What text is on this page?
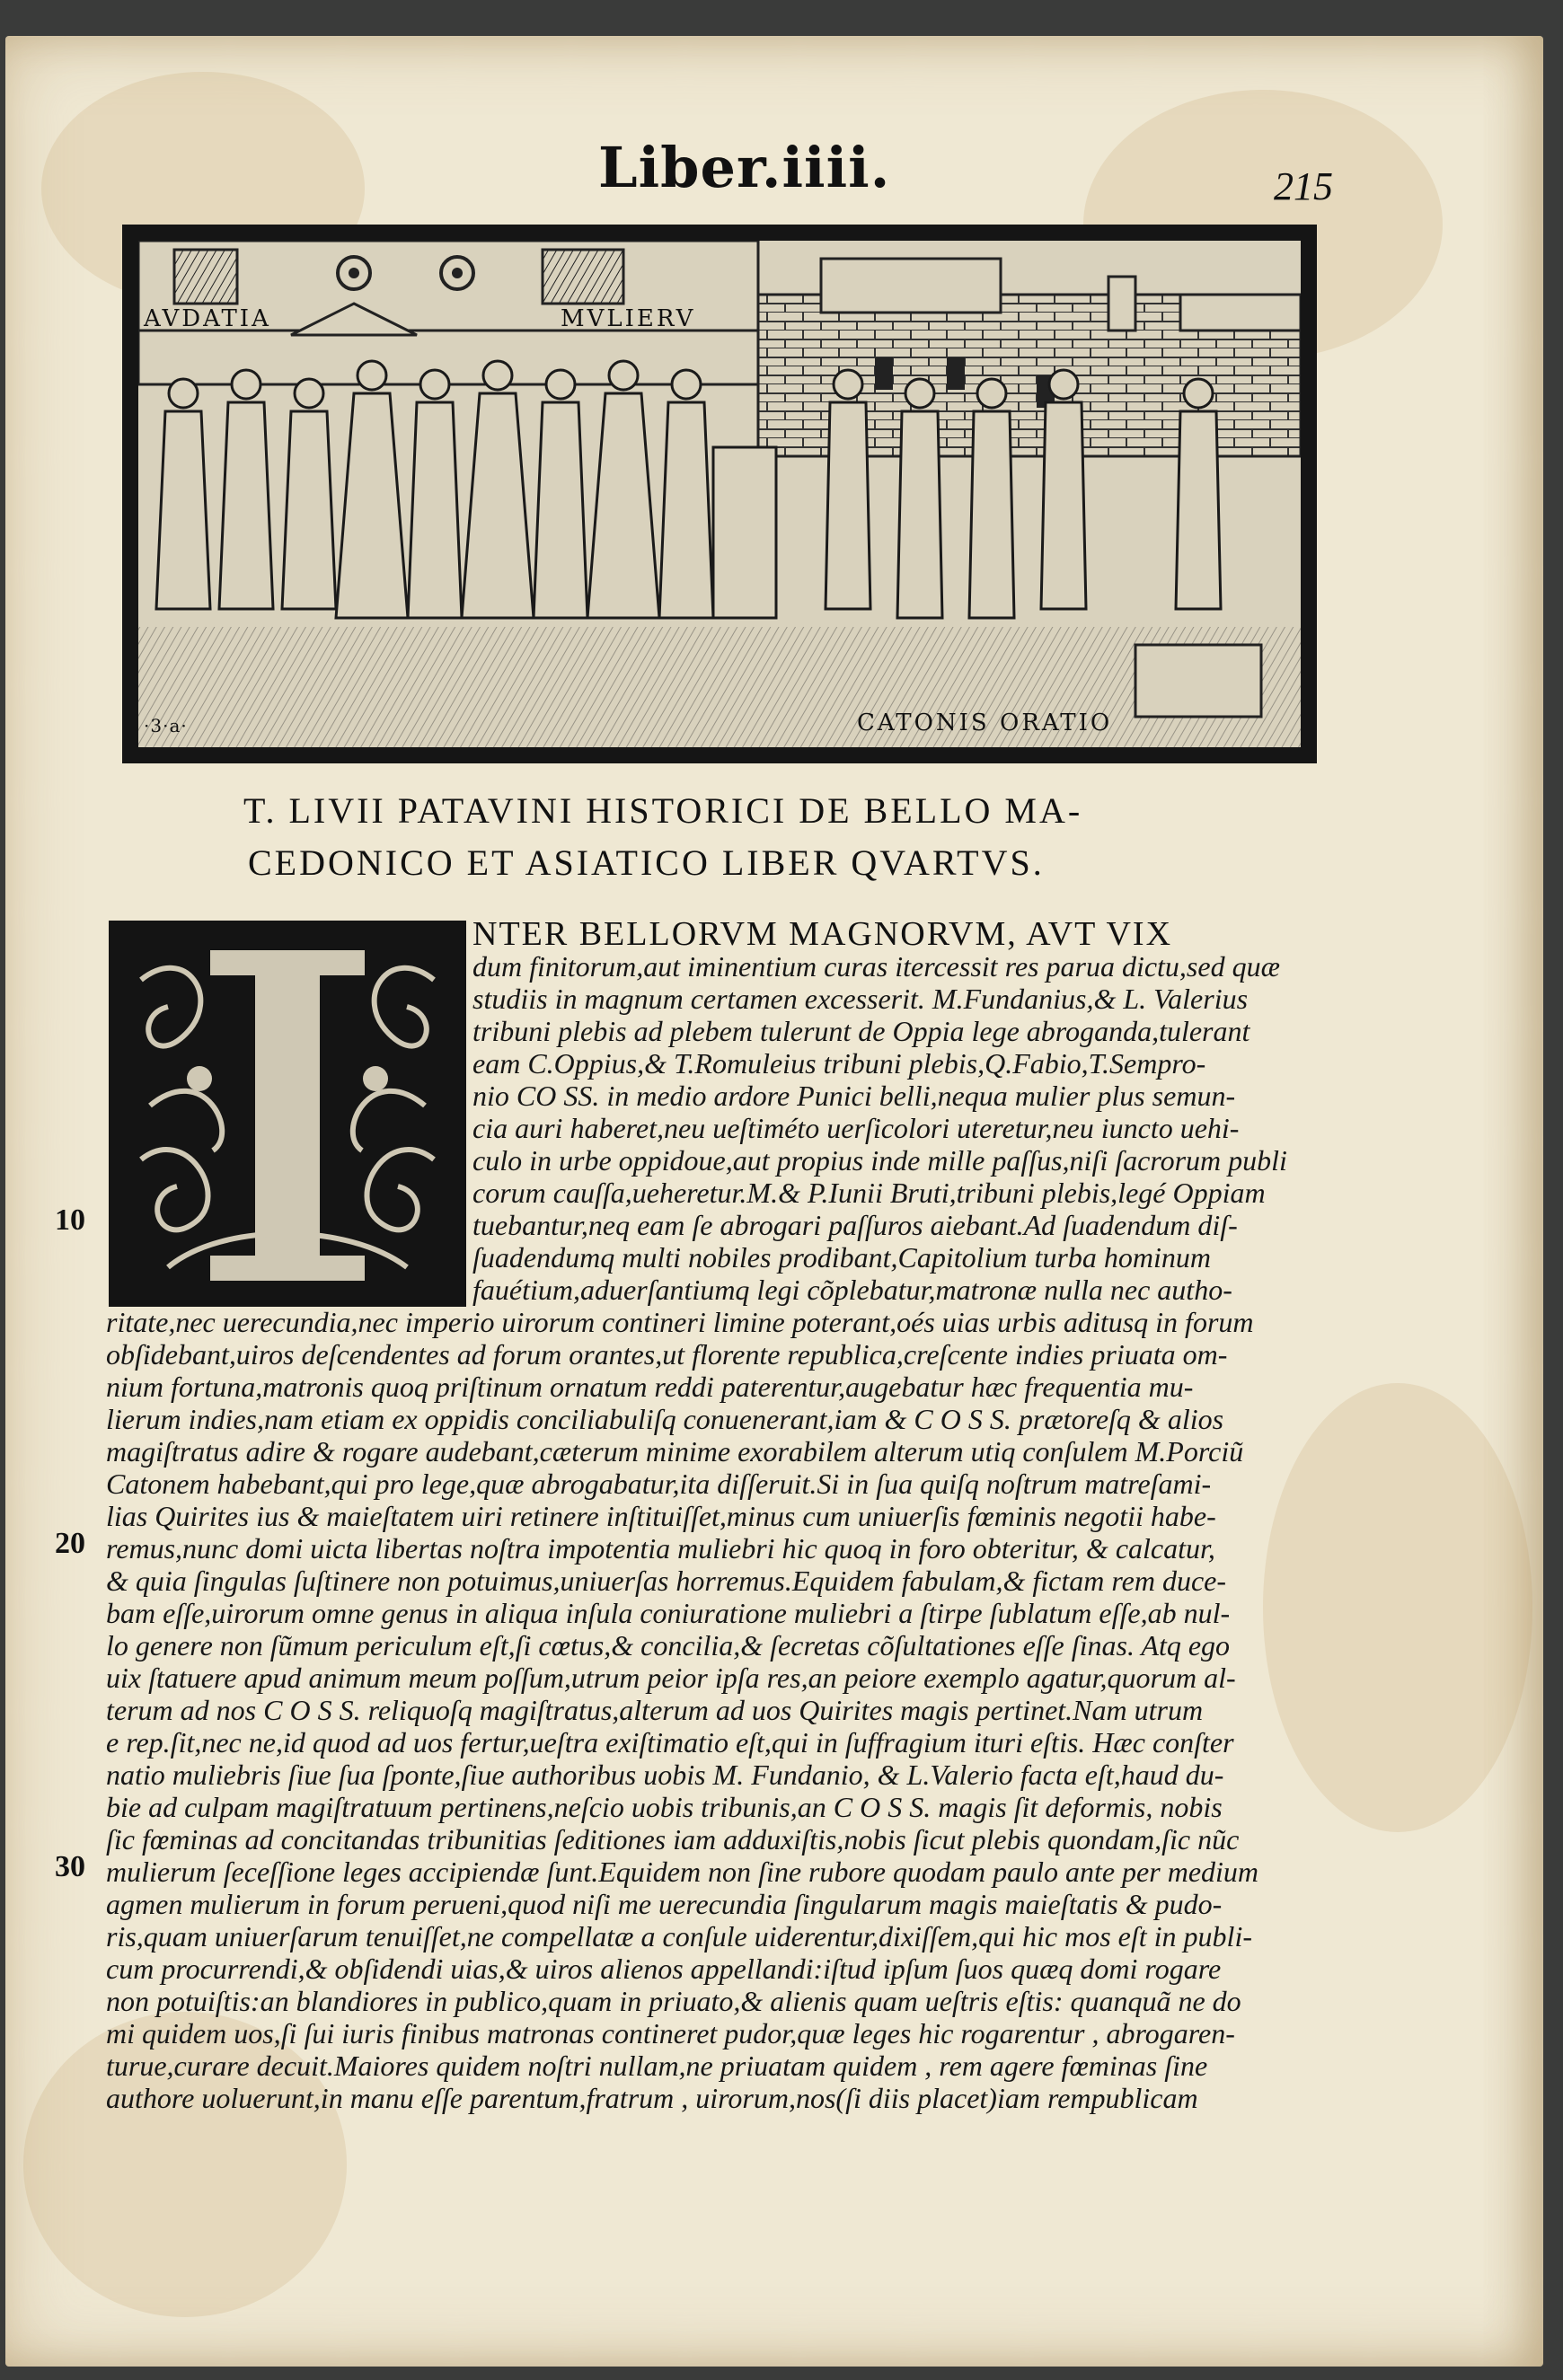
Liber.iiii.	215
AVDATIA	MVLIERV
CATONIS ORATIO
·3·a·
T. LIVII PATAVINI HISTORICI DE BELLO MA-
CEDONICO ET ASIATICO LIBER QVARTVS.
NTER BELLORVM MAGNORVM, AVT VIX
dum finitorum,aut iminentium curas itercessit res parua dictu,sed quæ
studiis in magnum certamen excesserit. M.Fundanius,& L. Valerius
tribuni plebis ad plebem tulerunt de Oppia lege abroganda,tulerant
eam C.Oppius,& T.Romuleius tribuni plebis,Q.Fabio,T.Sempro-
nio CO SS. in medio ardore Punici belli,nequa mulier plus semun-
cia auri haberet,neu ueſtiméto uerſicolori uteretur,neu iuncto uehi-
culo in urbe oppidoue,aut propius inde mille paſſus,niſi ſacrorum publi
corum cauſſa,ueheretur.M.& P.Iunii Bruti,tribuni plebis,legé Oppiam
tuebantur,neq eam ſe abrogari paſſuros aiebant.Ad ſuadendum diſ-
ſuadendumq multi nobiles prodibant,Capitolium turba hominum
fauétium,aduerſantiumq legi cõplebatur,matronæ nulla nec autho-
ritate,nec uerecundia,nec imperio uirorum contineri limine poterant,oés uias urbis aditusq in forum
obſidebant,uiros deſcendentes ad forum orantes,ut florente republica,creſcente indies priuata om-
nium fortuna,matronis quoq priſtinum ornatum reddi paterentur,augebatur hæc frequentia mu-
lierum indies,nam etiam ex oppidis conciliabuliſq conuenerant,iam & C O S S. prætoreſq & alios
magiſtratus adire & rogare audebant,cæterum minime exorabilem alterum utiq conſulem M.Porciũ
Catonem habebant,qui pro lege,quæ abrogabatur,ita diſſeruit.Si in ſua quiſq noſtrum matreſami-
lias Quirites ius & maieſtatem uiri retinere inſtituiſſet,minus cum uniuerſis fœminis negotii habe-
remus,nunc domi uicta libertas noſtra impotentia muliebri hic quoq in foro obteritur, & calcatur,
& quia ſingulas ſuſtinere non potuimus,uniuerſas horremus.Equidem fabulam,& fictam rem duce-
bam eſſe,uirorum omne genus in aliqua inſula coniuratione muliebri a ſtirpe ſublatum eſſe,ab nul-
lo genere non ſũmum periculum eſt,ſi cœtus,& concilia,& ſecretas cõſultationes eſſe ſinas. Atq ego
uix ſtatuere apud animum meum poſſum,utrum peior ipſa res,an peiore exemplo agatur,quorum al-
terum ad nos C O S S. reliquoſq magiſtratus,alterum ad uos Quirites magis pertinet.Nam utrum
e rep.ſit,nec ne,id quod ad uos fertur,ueſtra exiſtimatio eſt,qui in ſuffragium ituri eſtis. Hæc conſter
natio muliebris ſiue ſua ſponte,ſiue authoribus uobis M. Fundanio, & L.Valerio facta eſt,haud du-
bie ad culpam magiſtratuum pertinens,neſcio uobis tribunis,an C O S S. magis ſit deformis, nobis
ſic fœminas ad concitandas tribunitias ſeditiones iam adduxiſtis,nobis ſicut plebis quondam,ſic nũc
mulierum ſeceſſione leges accipiendæ ſunt.Equidem non ſine rubore quodam paulo ante per medium
agmen mulierum in forum perueni,quod niſi me uerecundia ſingularum magis maieſtatis & pudo-
ris,quam uniuerſarum tenuiſſet,ne compellatæ a conſule uiderentur,dixiſſem,qui hic mos eſt in publi-
cum procurrendi,& obſidendi uias,& uiros alienos appellandi:iſtud ipſum ſuos quæq domi rogare
non potuiſtis:an blandiores in publico,quam in priuato,& alienis quam ueſtris eſtis: quanquã ne do
mi quidem uos,ſi ſui iuris finibus matronas contineret pudor,quæ leges hic rogarentur , abrogaren-
turue,curare decuit.Maiores quidem noſtri nullam,ne priuatam quidem , rem agere fœminas ſine
authore uoluerunt,in manu eſſe parentum,fratrum , uirorum,nos(ſi diis placet)iam rempublicam
10
20
30
